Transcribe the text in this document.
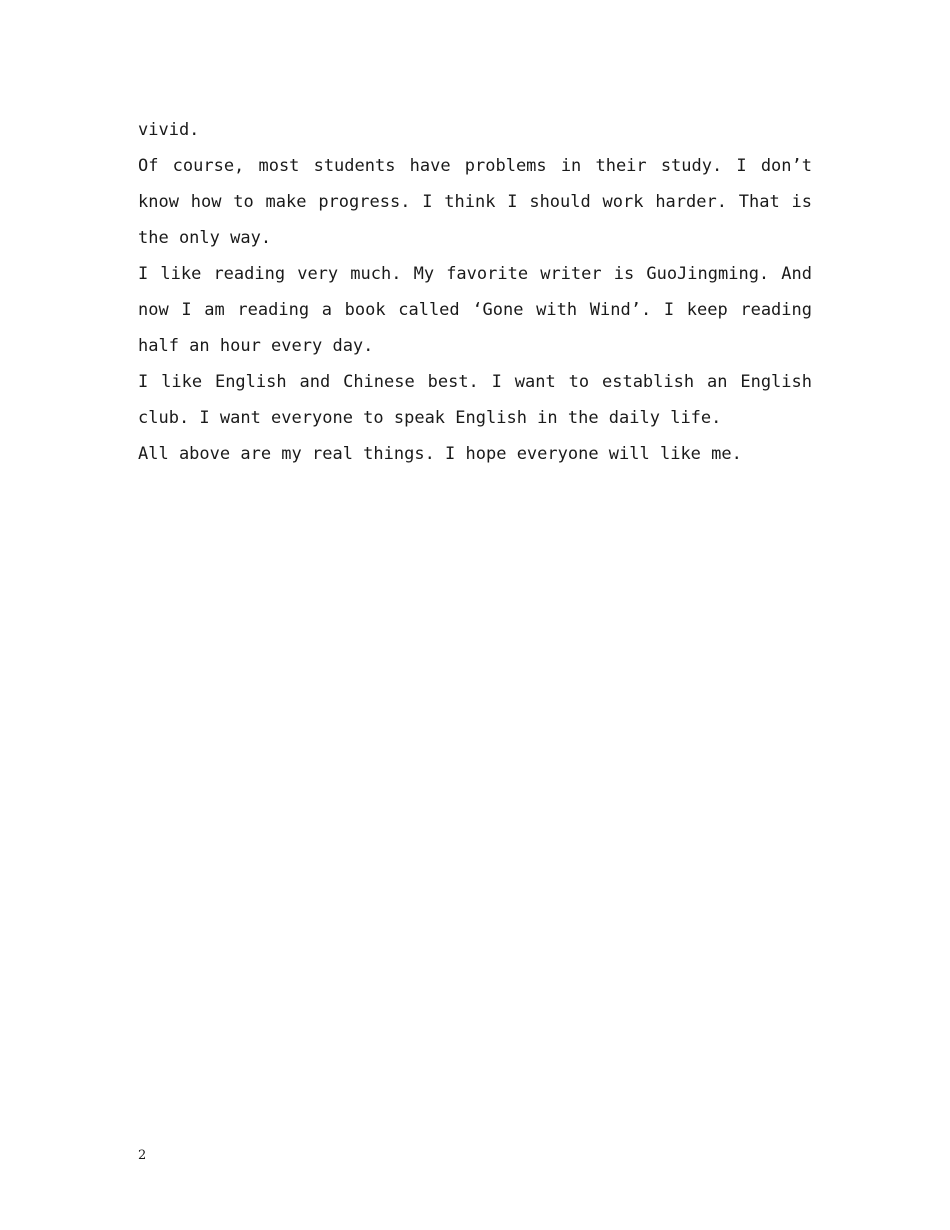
vivid.

Of course, most students have problems in their study. I don’t know how to make progress. I think I should work harder. That is the only way.

I like reading very much. My favorite writer is GuoJingming. And now I am reading a book called ‘Gone with Wind’. I keep reading half an hour every day.

I like English and Chinese best. I want to establish an English club. I want everyone to speak English in the daily life.

All above are my real things. I hope everyone will like me.

2
